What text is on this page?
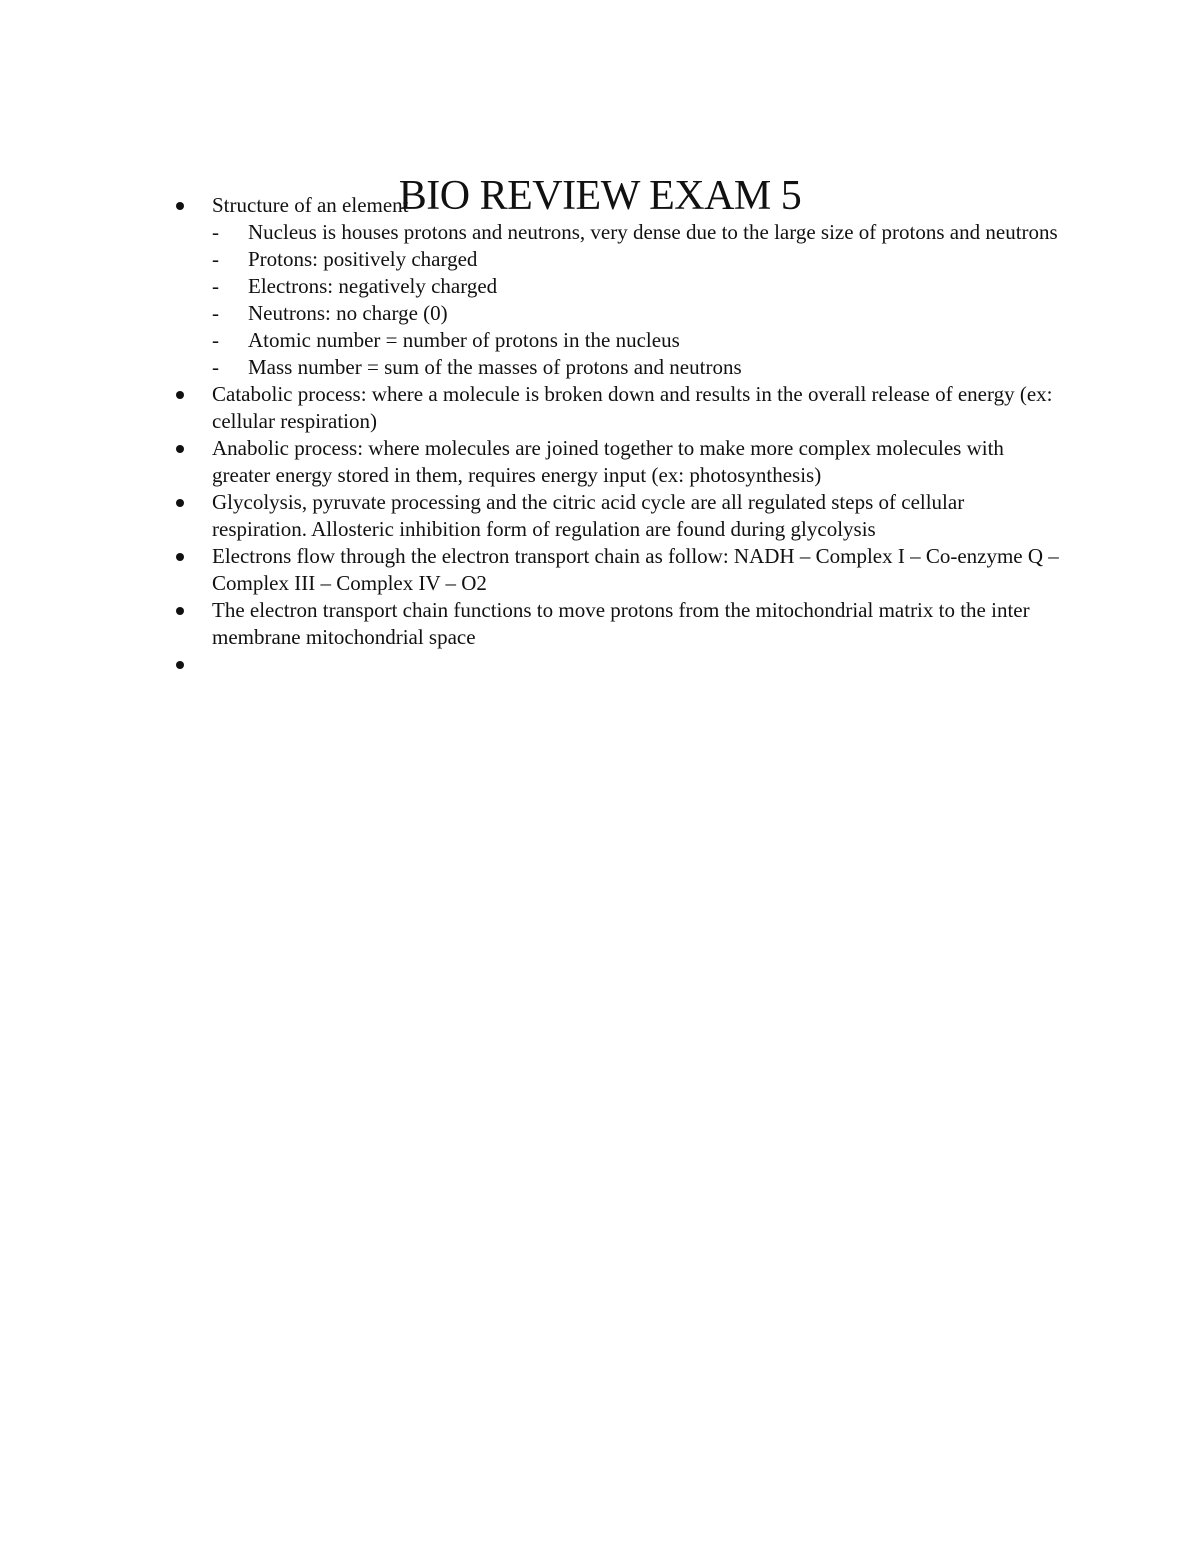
BIO REVIEW EXAM 5
Structure of an element
- Nucleus is houses protons and neutrons, very dense due to the large size of protons and neutrons
- Protons: positively charged
- Electrons: negatively charged
- Neutrons: no charge (0)
- Atomic number = number of protons in the nucleus
- Mass number = sum of the masses of protons and neutrons
Catabolic process: where a molecule is broken down and results in the overall release of energy (ex: cellular respiration)
Anabolic process: where molecules are joined together to make more complex molecules with greater energy stored in them, requires energy input (ex: photosynthesis)
Glycolysis, pyruvate processing and the citric acid cycle are all regulated steps of cellular respiration. Allosteric inhibition form of regulation are found during glycolysis
Electrons flow through the electron transport chain as follow: NADH – Complex I – Co-enzyme Q – Complex III – Complex IV – O2
The electron transport chain functions to move protons from the mitochondrial matrix to the inter membrane mitochondrial space
